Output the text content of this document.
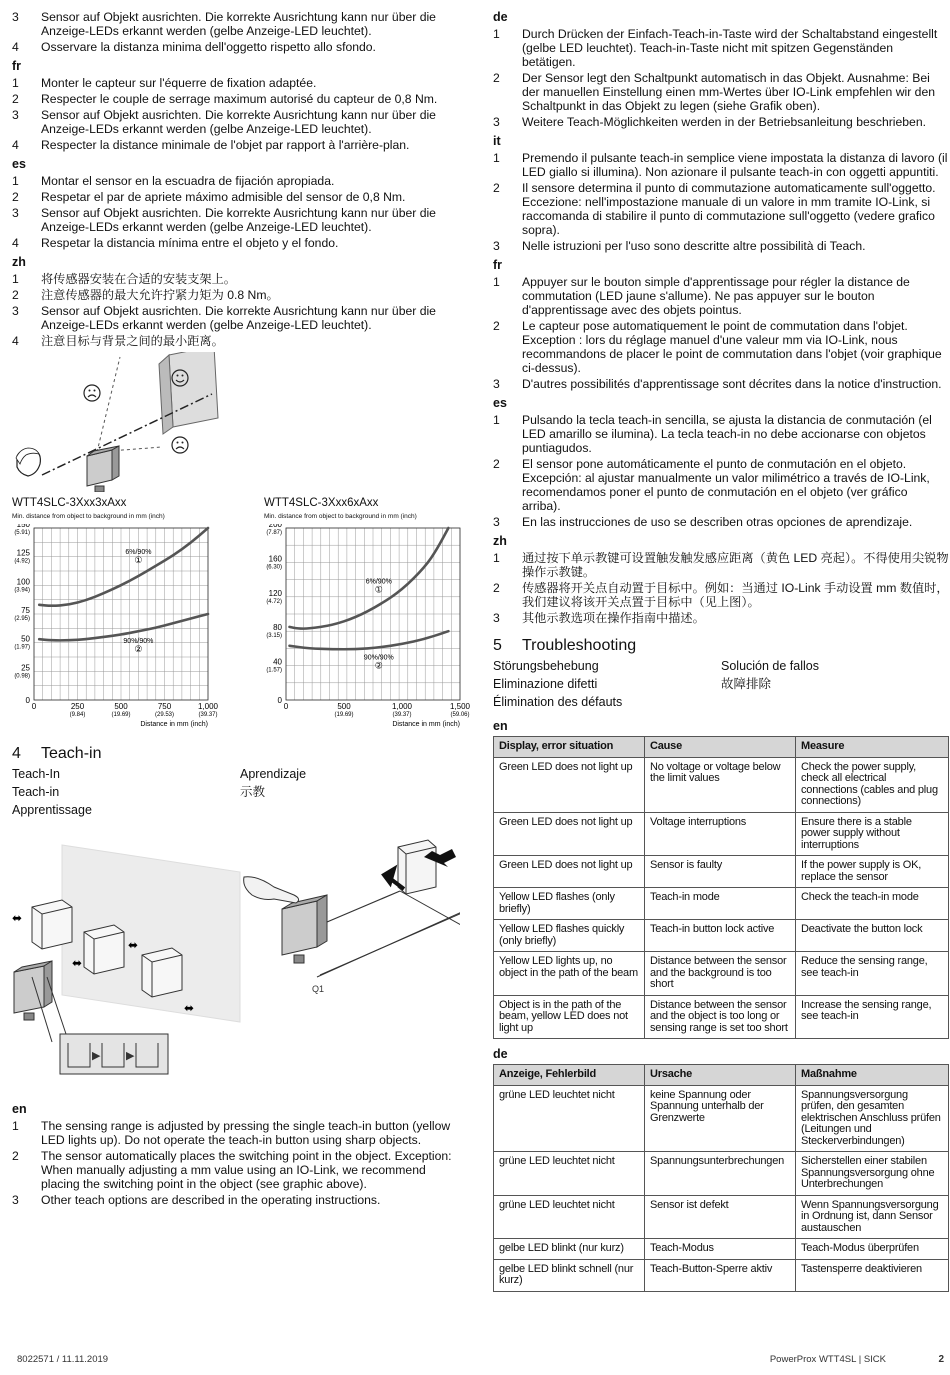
3	Sensor auf Objekt ausrichten. Die korrekte Ausrichtung kann nur über die Anzeige-LEDs erkannt werden (gelbe Anzeige-LED leuchtet).
4	Osservare la distanza minima dell'oggetto rispetto allo sfondo.
fr
1	Monter le capteur sur l'équerre de fixation adaptée.
2	Respecter le couple de serrage maximum autorisé du capteur de 0,8 Nm.
3	Sensor auf Objekt ausrichten. Die korrekte Ausrichtung kann nur über die Anzeige-LEDs erkannt werden (gelbe Anzeige-LED leuchtet).
4	Respecter la distance minimale de l'objet par rapport à l'arrière-plan.
es
1	Montar el sensor en la escuadra de fijación apropiada.
2	Respetar el par de apriete máximo admisible del sensor de 0,8 Nm.
3	Sensor auf Objekt ausrichten. Die korrekte Ausrichtung kann nur über die Anzeige-LEDs erkannt werden (gelbe Anzeige-LED leuchtet).
4	Respetar la distancia mínima entre el objeto y el fondo.
zh
1	将传感器安装在合适的安装支架上。
2	注意传感器的最大允许拧紧力矩为 0.8 Nm。
3	Sensor auf Objekt ausrichten. Die korrekte Ausrichtung kann nur über die Anzeige-LEDs erkannt werden (gelbe Anzeige-LED leuchtet).
4	注意目标与背景之间的最小距离。
WTT4SLC-3Xxx3xAxx
Min. distance from object to background in mm (inch)
0
25
(0.98)
50
(1.97)
75
(2.95)
100
(3.94)
125
(4.92)
150
(5.91)
0	250
(9.84)
500
(19.69)
750
(29.53)
1,000
(39.37)
Distance in mm (inch)
6%/90%
①
90%/90%
②
WTT4SLC-3Xxx6xAxx
Min. distance from object to background in mm (inch)
0
40
(1.57)
80
(3.15)
120
(4.72)
160
(6.30)
200
(7.87)
0	500
(19.69)
1,000
(39.37)
1,500
(59.06)
Distance in mm (inch)
6%/90%
①
90%/90%
②
4	Teach-in
Teach-In	Aprendizaje
Teach-in	示教
Apprentissage
⬌
⬌
⬌
⬌
▶ ▶
Q1
en
1	The sensing range is adjusted by pressing the single teach-in button (yellow LED lights up). Do not operate the teach-in button using sharp objects.
2	The sensor automatically places the switching point in the object. Exception: When manually adjusting a mm value using an IO-Link, we recommend placing the switching point in the object (see graphic above).
3	Other teach options are described in the operating instructions.
de
1	Durch Drücken der Einfach-Teach-in-Taste wird der Schaltabstand eingestellt (gelbe LED leuchtet). Teach-in-Taste nicht mit spitzen Gegenständen betätigen.
2	Der Sensor legt den Schaltpunkt automatisch in das Objekt. Ausnahme: Bei der manuellen Einstellung einen mm-Wertes über IO-Link empfehlen wir den Schaltpunkt in das Objekt zu legen (siehe Grafik oben).
3	Weitere Teach-Möglichkeiten werden in der Betriebsanleitung beschrieben.
it
1	Premendo il pulsante teach-in semplice viene impostata la distanza di lavoro (il LED giallo si illumina). Non azionare il pulsante teach-in con oggetti appuntiti.
2	Il sensore determina il punto di commutazione automaticamente sull'oggetto. Eccezione: nell'impostazione manuale di un valore in mm tramite IO-Link, si raccomanda di stabilire il punto di commutazione sull'oggetto (vedere grafico sopra).
3	Nelle istruzioni per l'uso sono descritte altre possibilità di Teach.
fr
1	Appuyer sur le bouton simple d'apprentissage pour régler la distance de commutation (LED jaune s'allume). Ne pas appuyer sur le bouton d'apprentissage avec des objets pointus.
2	Le capteur pose automatiquement le point de commutation dans l'objet. Exception : lors du réglage manuel d'une valeur mm via IO-Link, nous recommandons de placer le point de commutation dans l'objet (voir graphique ci-dessus).
3	D'autres possibilités d'apprentissage sont décrites dans la notice d'instruction.
es
1	Pulsando la tecla teach-in sencilla, se ajusta la distancia de conmutación (el LED amarillo se ilumina). La tecla teach-in no debe accionarse con objetos puntiagudos.
2	El sensor pone automáticamente el punto de conmutación en el objeto. Excepción: al ajustar manualmente un valor milimétrico a través de IO-Link, recomendamos poner el punto de conmutación en el objeto (ver gráfico arriba).
3	En las instrucciones de uso se describen otras opciones de aprendizaje.
zh
1	通过按下单示教键可设置触发触发感应距离（黄色 LED 亮起）。不得使用尖锐物操作示教键。
2	传感器将开关点自动置于目标中。例如：当通过 IO-Link 手动设置 mm 数值时，我们建议将该开关点置于目标中（见上图）。
3	其他示教选项在操作指南中描述。
5	Troubleshooting
Störungsbehebung	Solución de fallos
Eliminazione difetti	故障排除
Élimination des défauts
en
Display, error situation	Cause	Measure
Green LED does not light up	No voltage or voltage below the limit values	Check the power supply, check all electrical connections (cables and plug connections)
Green LED does not light up	Voltage interruptions	Ensure there is a stable power supply without interruptions
Green LED does not light up	Sensor is faulty	If the power supply is OK, replace the sensor
Yellow LED flashes (only briefly)	Teach-in mode	Check the teach-in mode
Yellow LED flashes quickly (only briefly)	Teach-in button lock active	Deactivate the button lock
Yellow LED lights up, no object in the path of the beam	Distance between the sensor and the background is too short	Reduce the sensing range, see teach-in
Object is in the path of the beam, yellow LED does not light up	Distance between the sensor and the object is too long or sensing range is set too short	Increase the sensing range, see teach-in
de
Anzeige, Fehlerbild	Ursache	Maßnahme
grüne LED leuchtet nicht	keine Spannung oder Spannung unterhalb der Grenzwerte	Spannungsversorgung prüfen, den gesamten elektrischen Anschluss prüfen (Leitungen und Steckerverbindungen)
grüne LED leuchtet nicht	Spannungsunterbrechungen	Sicherstellen einer stabilen Spannungsversorgung ohne Unterbrechungen
grüne LED leuchtet nicht	Sensor ist defekt	Wenn Spannungsversorgung in Ordnung ist, dann Sensor austauschen
gelbe LED blinkt (nur kurz)	Teach-Modus	Teach-Modus überprüfen
gelbe LED blinkt schnell (nur kurz)	Teach-Button-Sperre aktiv	Tastensperre deaktivieren
8022571 / 11.11.2019	PowerProx WTT4SL | SICK	2
